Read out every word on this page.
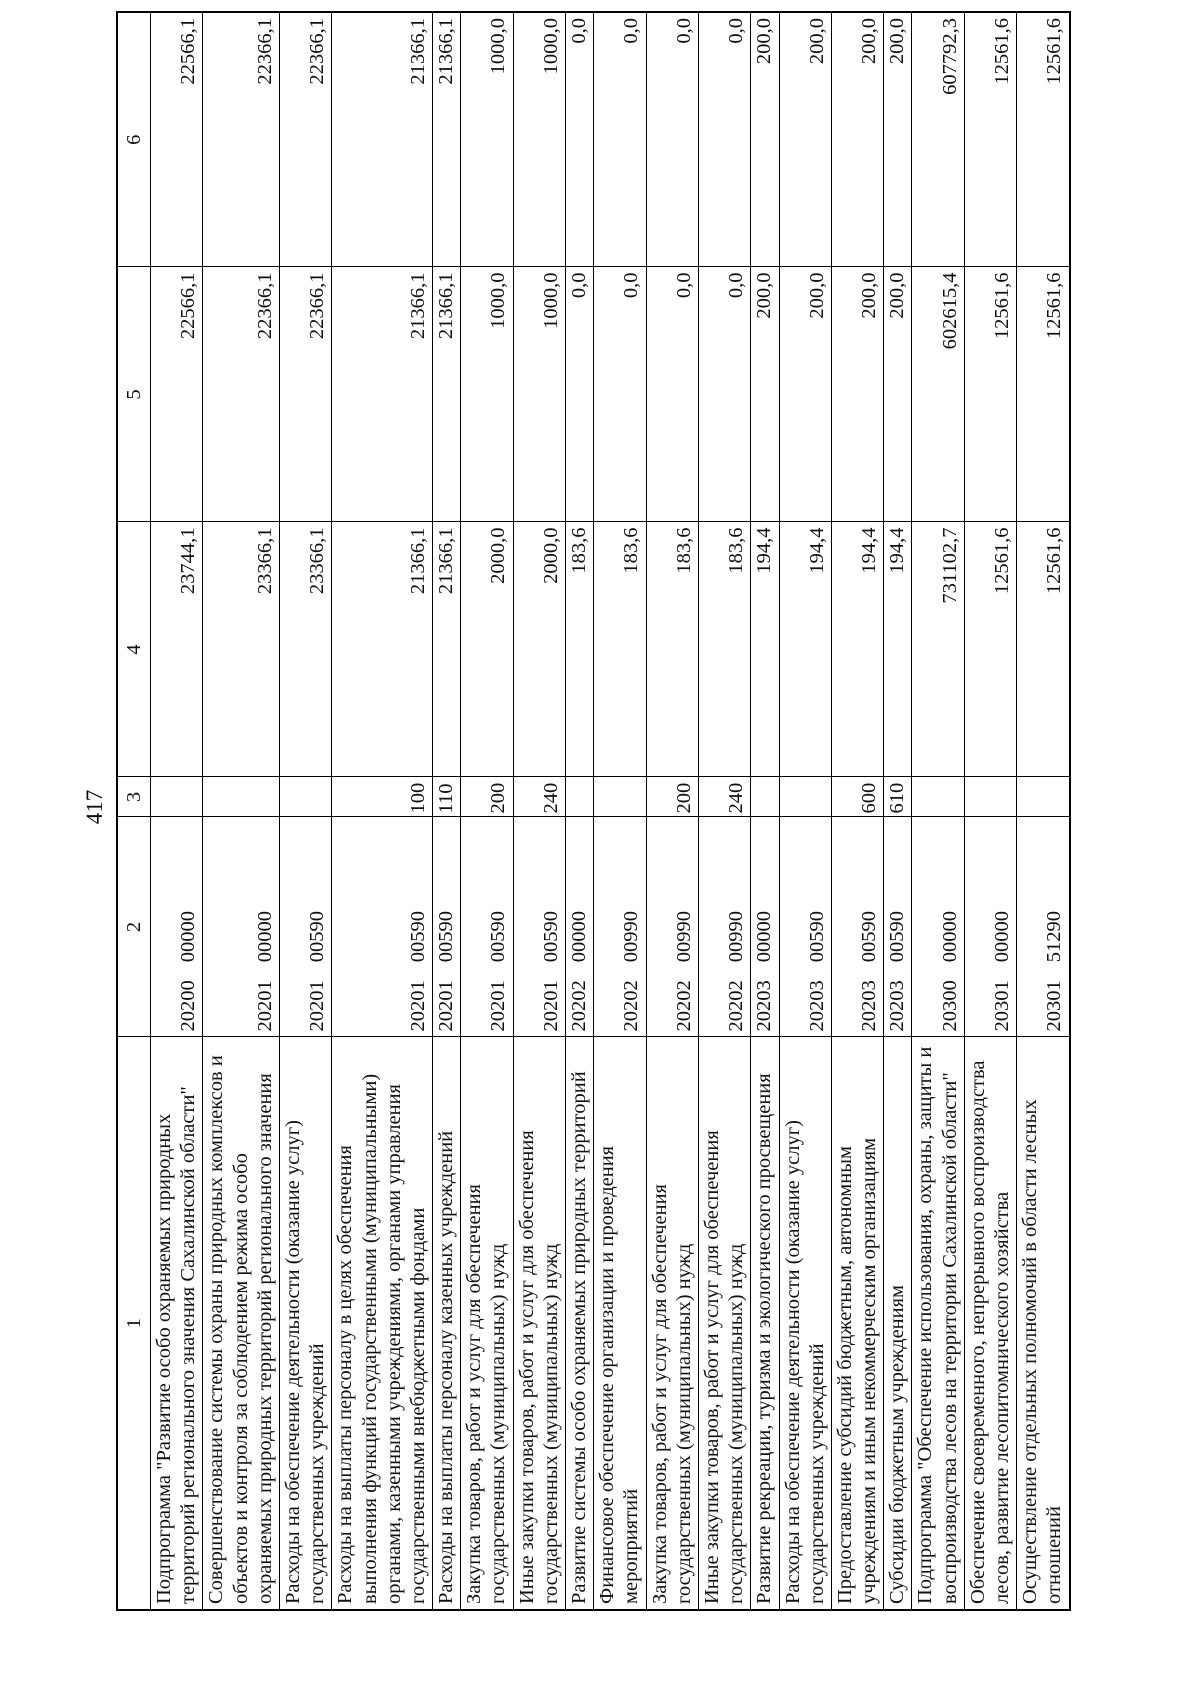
417
1	2	3	4	5	6
Подпрограмма "Развитие особо охраняемых природных территорий регионального значения Сахалинской области"	2020000000		23744,1	22566,1	22566,1
Совершенствование системы охраны природных комплексов и объектов и контроля за соблюдением режима особо охраняемых природных территорий регионального значения	2020100000		23366,1	22366,1	22366,1
Расходы на обеспечение деятельности (оказание услуг) государственных учреждений	2020100590		23366,1	22366,1	22366,1
Расходы на выплаты персоналу в целях обеспечения выполнения функций государственными (муниципальными) органами, казенными учреждениями, органами управления государственными внебюджетными фондами	2020100590	100	21366,1	21366,1	21366,1
Расходы на выплаты персоналу казенных учреждений	2020100590	110	21366,1	21366,1	21366,1
Закупка товаров, работ и услуг для обеспечения государственных (муниципальных) нужд	2020100590	200	2000,0	1000,0	1000,0
Иные закупки товаров, работ и услуг для обеспечения государственных (муниципальных) нужд	2020100590	240	2000,0	1000,0	1000,0
Развитие системы особо охраняемых природных территорий	2020200000		183,6	0,0	0,0
Финансовое обеспечение организации и проведения мероприятий	2020200990		183,6	0,0	0,0
Закупка товаров, работ и услуг для обеспечения государственных (муниципальных) нужд	2020200990	200	183,6	0,0	0,0
Иные закупки товаров, работ и услуг для обеспечения государственных (муниципальных) нужд	2020200990	240	183,6	0,0	0,0
Развитие рекреации, туризма и экологического просвещения	2020300000		194,4	200,0	200,0
Расходы на обеспечение деятельности (оказание услуг) государственных учреждений	2020300590		194,4	200,0	200,0
Предоставление субсидий бюджетным, автономным учреждениям и иным некоммерческим организациям	2020300590	600	194,4	200,0	200,0
Субсидии бюджетным учреждениям	2020300590	610	194,4	200,0	200,0
Подпрограмма "Обеспечение использования, охраны, защиты и воспроизводства лесов на территории Сахалинской области"	2030000000		731102,7	602615,4	607792,3
Обеспечение своевременного, непрерывного воспроизводства лесов, развитие лесопитомнического хозяйства	2030100000		12561,6	12561,6	12561,6
Осуществление отдельных полномочий в области лесных отношений	2030151290		12561,6	12561,6	12561,6
